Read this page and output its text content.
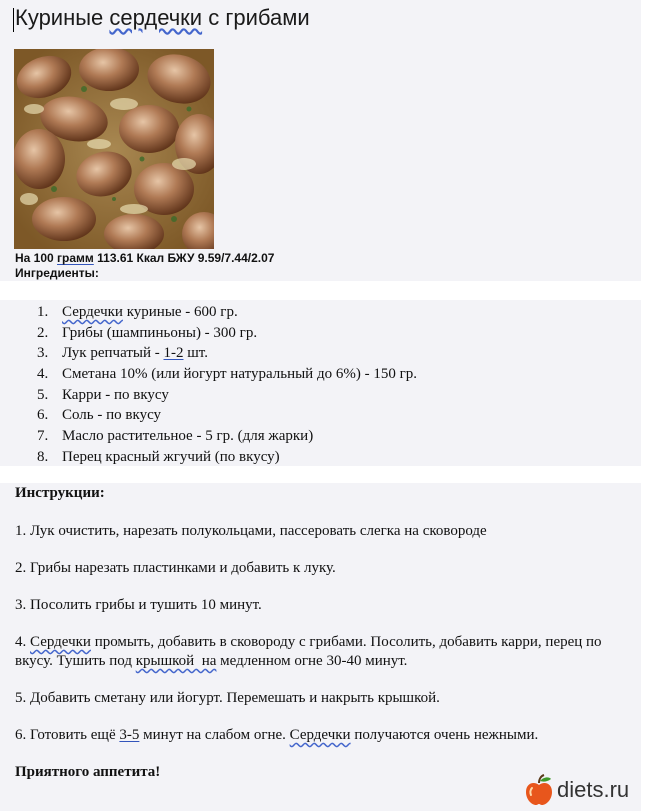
Куриные сердечки с грибами
На 100 грамм 113.61 Ккал БЖУ 9.59/7.44/2.07
Ингредиенты:
1. Сердечки куриные - 600 гр.
2. Грибы (шампиньоны) - 300 гр.
3. Лук репчатый - 1-2 шт.
4. Сметана 10% (или йогурт натуральный до 6%) - 150 гр.
5. Карри - по вкусу
6. Соль - по вкусу
7. Масло растительное - 5 гр. (для жарки)
8. Перец красный жгучий (по вкусу)
Инструкции:
1. Лук очистить, нарезать полукольцами, пассеровать слегка на сковороде
2. Грибы нарезать пластинками и добавить к луку.
3. Посолить грибы и тушить 10 минут.
4. Сердечки промыть, добавить в сковороду с грибами. Посолить, добавить карри, перец по вкусу. Тушить под крышкой  на медленном огне 30-40 минут.
5. Добавить сметану или йогурт. Перемешать и накрыть крышкой.
6. Готовить ещё 3-5 минут на слабом огне. Сердечки получаются очень нежными.
Приятного аппетита!
diets.ru
